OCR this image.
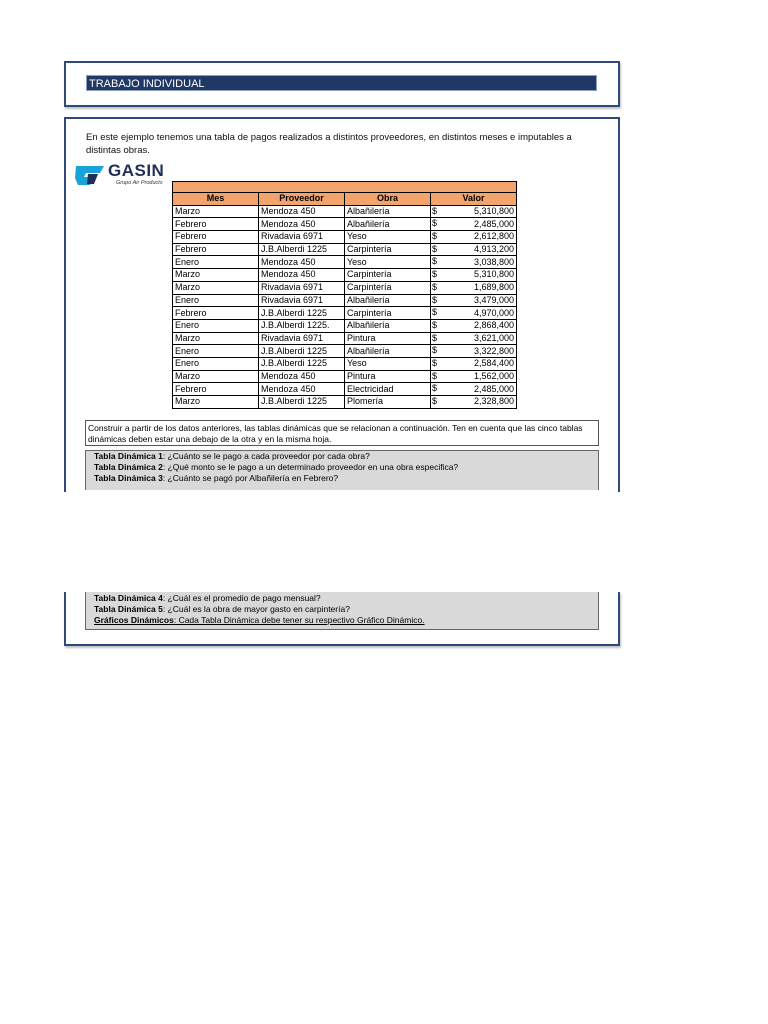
TRABAJO INDIVIDUAL
En este ejemplo tenemos una tabla de pagos realizados a distintos proveedores, en distintos meses e imputables a distintas obras.
GASIN
Grupo Air Products

Mes	Proveedor	Obra	Valor
Marzo	Mendoza 450	Albañilería	$ 5,310,800
Febrero	Mendoza 450	Albañilería	$ 2,485,000
Febrero	Rivadavia 6971	Yeso	$ 2,612,800
Febrero	J.B.Alberdi 1225	Carpintería	$ 4,913,200
Enero	Mendoza 450	Yeso	$ 3,038,800
Marzo	Mendoza 450	Carpintería	$ 5,310,800
Marzo	Rivadavia 6971	Carpintería	$ 1,689,800
Enero	Rivadavia 6971	Albañilería	$ 3,479,000
Febrero	J.B.Alberdi 1225	Carpintería	$ 4,970,000
Enero	J.B.Alberdi 1225.	Albañilería	$ 2,868,400
Marzo	Rivadavia 6971	Pintura	$ 3,621,000
Enero	J.B.Alberdi 1225	Albañilería	$ 3,322,800
Enero	J.B.Alberdi 1225	Yeso	$ 2,584,400
Marzo	Mendoza 450	Pintura	$ 1,562,000
Febrero	Mendoza 450	Electricidad	$ 2,485,000
Marzo	J.B.Alberdi 1225	Plomería	$ 2,328,800
Construir a partir de los datos anteriores, las tablas dinámicas que se relacionan a continuación. Ten en cuenta que las cinco tablas dinámicas deben estar una debajo de la otra y en la misma hoja.
Tabla Dinámica 1: ¿Cuánto se le pago a cada proveedor por cada obra?
Tabla Dinámica 2: ¿Qué monto se le pago a un determinado proveedor en una obra especifica?
Tabla Dinámica 3: ¿Cuánto se pagó por Albañilería en Febrero?
Tabla Dinámica 4: ¿Cuál es el promedio de pago mensual?
Tabla Dinámica 5: ¿Cuál es la obra de mayor gasto en carpintería?
Gráficos Dinámicos: Cada Tabla Dinámica debe tener su respectivo Gráfico Dinámico.
